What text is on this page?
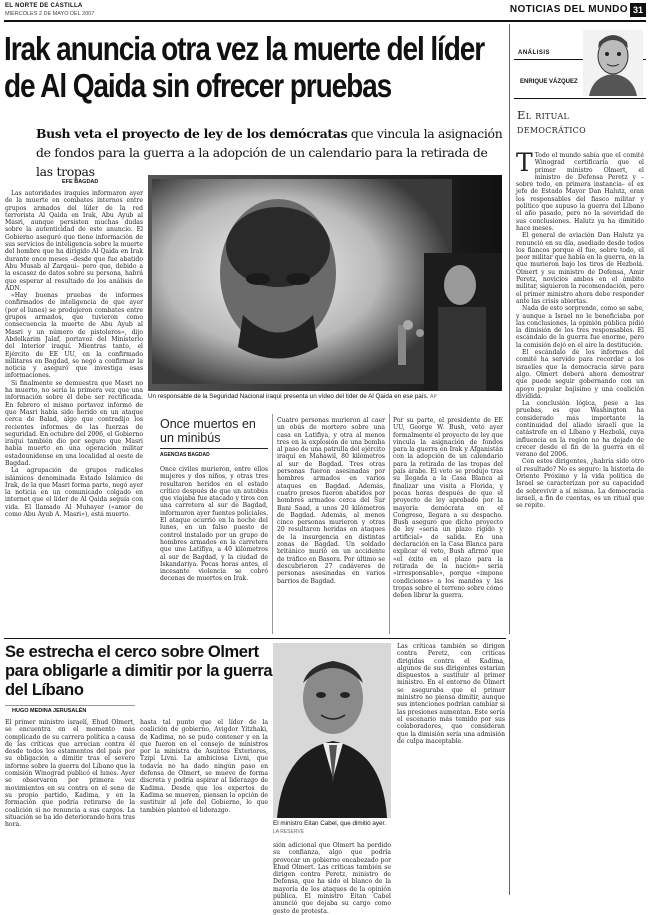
EL NORTE DE CASTILLA
MIÉRCOLES 2 DE MAYO DEL 2007	NOTICIAS DEL MUNDO 31
Irak anuncia otra vez la muerte del líder de Al Qaida sin ofrecer pruebas
Bush veta el proyecto de ley de los demócratas que vincula la asignación de fondos para la guerra a la adopción de un calendario para la retirada de las tropas
EFE BAGDAD
Un responsable de la Seguridad Nacional iraquí presenta un vídeo del líder de Al Qaida en ese país. AP

Las autoridades iraquíes informaron ayer de la muerte en combates internos entre grupos armados del líder de la red terrorista Al Qaida en Irak, Abu Ayub al Masri, aunque persisten muchas dudas sobre la autenticidad de este anuncio. El Gobierno aseguró que tiene información de sus servicios de inteligencia sobre la muerte del hombre que ha dirigido Al Qaida en Irak durante once meses –desde que fue abatido Abu Musab al Zarqaui– pero que, debido a la escasez de datos sobre su persona, habrá que esperar al resultado de los análisis de ADN.

«Hay buenas pruebas de informes confirmados de inteligencia de que ayer (por el lunes) se produjeron combates entre grupos armados, que tuvieron como consecuencia la muerte de Abu Ayub al Masri y un número de pistoleros», dijo Abdelkarim Jalaf, portavoz del Ministerio del Interior iraquí. Mientras tanto, el Ejército de EE UU, en la confirmado militares en Bagdad, se negó a confirmar la noticia y aseguró que investiga esas informaciones.

Si finalmente se demuestra que Masri no ha muerto, no sería la primera vez que una información sobre él debe ser rectificada. En febrero el mismo portavoz informó de que Masri había sido herido en un ataque cerca de Balad, algo que contradijo los recientes informes de las fuerzas de seguridad. En octubre del 2006, el Gobierno iraquí también dio por seguro que Masri había muerto en una operación militar estadounidense en una localidad al oeste de Bagdad.

La agrupación de grupos radicales islámicos denominada Estado Islámico de Irak, de la que Masri forma parte, negó ayer la noticia en un comunicado colgado en internet que el líder de Al Qaida seguía con vida. El llamado Al Muhayer («amor de como Abu Ayub A. Masri»), está muerto.

Once muertos en un minibús
AGENCIAS BAGDAD
Once civiles murieron, entre ellos mujeres y dos niños, y otras tres resultaron heridos en el estado crítico después de que un autobús que viajaba fue atacado y tiros con una carretera al sur de Bagdad, informaron ayer fuentes policiales. El ataque ocurrió en la noche del lunes, en un falso puesto de control instalado por un grupo de hombres armados en la carretera que une Latifiya, a 40 kilómetros al sur de Bagdad, y la ciudad de Iskandariya. Pocas horas antes, el incesante violencia se cobró decenas de muertos en Irak.
Cuatro personas murieron al caer un obús de mortero sobre una casa en Latifiya, y otra al menos tres en la explosión de una bomba al paso de una patrulla del ejército iraquí en Mahawil, 80 kilómetros al sur de Bagdad. Tres otras personas fueron asesinadas por hombres armados en varios ataques en Bagdad. Además, cuatro presos fueron abatidos por hombres armados cerca del Sur Bani Saad, a unos 20 kilómetros de Bagdad. Además, al menos cinco personas murieron y otras 20 resultaron heridas en ataques de la insurgencia en distintas zonas de Bagdad. Un soldado británico murió en un accidente de tráfico en Basora. Por último se descubrieron 27 cadáveres de personas asesinadas en varios barrios de Bagdad.
Por su parte, el presidente de EE UU, George W. Bush, vetó ayer formalmente el proyecto de ley que vincula la asignación de fondos para la guerra en Irak y Afganistán con la adopción de un calendario para la retirada de las tropas del país árabe. El veto se produjo tras su llegada a la Casa Blanca al finalizar una visita a Florida, y pocas horas después de que el proyecto de ley aprobado por la mayoría demócrata en el Congreso, llegara a su despacho. Bush aseguró que dicho proyecto de ley «sería un plazo rígido y artificial» de salida. En una declaración en la Casa Blanca para explicar el veto, Bush afirmó que «el éxito en el plazo para la retirada de la nación» sería «irresponsable», porque «impone condiciones» a los mandos y las tropas sobre el terreno sobre cómo deben librar la guerra.
ANÁLISIS
ENRIQUE VÁZQUEZ
El ritual democrático

T Todo el mundo sabía que el comité Winograd certificaría que el primer ministro Olmert, el ministro de Defensa Peretz y –sobre todo, en primera instancia– el ex jefe de Estado Mayor Dan Halutz, eran los responsables del fiasco militar y político que supuso la guerra del Líbano el año pasado, pero no la severidad de sus conclusiones. Halutz ya ha dimitido hace meses.

El general de aviación Dan Halutz ya renunció en su día, asediado desde todos los flancos porque él fue, sobre todo, el peor militar que había en la guerra, en la que murieron bajo los tiros de Hezbolá. Olmert y su ministro de Defensa, Amir Peretz, novicios ambos en el ámbito militar, siguieron la recomendación, pero el primer ministro ahora debe responder ante las crisis abiertas.

Nada de esto sorprende, como se sabe, y aunque a Israel no le beneficiaba por las conclusiones, la opinión pública pidió la dimisión de los tres responsables. El escándalo de la guerra fue enorme, pero la comisión dejó en el aire la destitución.

El escándalo de los informes del comité ha servido para recordar a los israelíes que la democracia sirve para algo. Olmert deberá ahora demostrar que puede seguir gobernando con un apoyo popular bajísimo y una coalición dividida.

La conclusión lógica, pese a las pruebas, es que Washington ha considerado más importante la continuidad del aliado israelí que la catástrofe en el Líbano y Hezbolá, cuya influencia en la región no ha dejado de crecer desde el fin de la guerra en el verano del 2006.

Con estos dirigentes, ¿habría sido otro el resultado? No es seguro: la historia de Oriente Próximo y la vida política de Israel se caracterizan por su capacidad de sobrevivir a sí misma. La democracia israelí, a fin de cuentas, es un ritual que se repite.

Se estrecha el cerco sobre Olmert para obligarle a dimitir por la guerra del Líbano
HUGO MEDINA JERUSALÉN
El primer ministro israelí, Ehud Olmert, se encuentra en el momento más complicado de su carrera política a causa de las críticas que arrecian contra él desde todos los estamentos del país por su obligación a dimitir tras el severo informe sobre la guerra del Líbano que la comisión Winograd publicó el lunes. Ayer se observaron por primera vez movimientos en su contra en el seno de su propio partido, Kadima, y en la formación que podría retirarse de la coalición si no renuncia a sus cargos. La situación se ha ido deteriorando hora tras hora.
hasta tal punto que el líder de la coalición de gobierno, Avigdor Yitzhaki, de Kadima, no se pudo contener y en la que fueron en el consejo de ministros por la ministra de Asuntos Exteriores, Tzipi Livni. La ambiciosa Livni, que todavía no ha dado ningún paso en defensa de Olmert, se mueve de forma discreta y podría aspirar al liderazgo de Kadima. Desde que los expertos de Kadima se mueven, piensan la opción de sustituir al jefe del Gobierno, lo que también planteó el liderazgo.
El ministro Eitan Cabel, que dimitió ayer. LA RESERVE
sión adicional que Olmert ha perdido su confianza, algo que podría provocar un gobierno encabezado por Ehud Olmert. Las críticas también se dirigen contra Peretz, ministro de Defensa, que ha sido el blanco de la mayoría de los ataques de la opinión pública. El ministro Eitan Cabel anunció que dejaba su cargo como gesto de protesta.
Las críticas también se dirigen contra Peretz, con críticas dirigidas contra el Kadima, algunos de sus dirigentes estarían dispuestos a sustituir al primer ministro. En el entorno de Olmert se aseguraba que el primer ministro no piensa dimitir, aunque sus intenciones podrían cambiar si las presiones aumentan. Este sería el escenario más temido por sus colaboradores, que consideran que la dimisión sería una admisión de culpa inaceptable.
